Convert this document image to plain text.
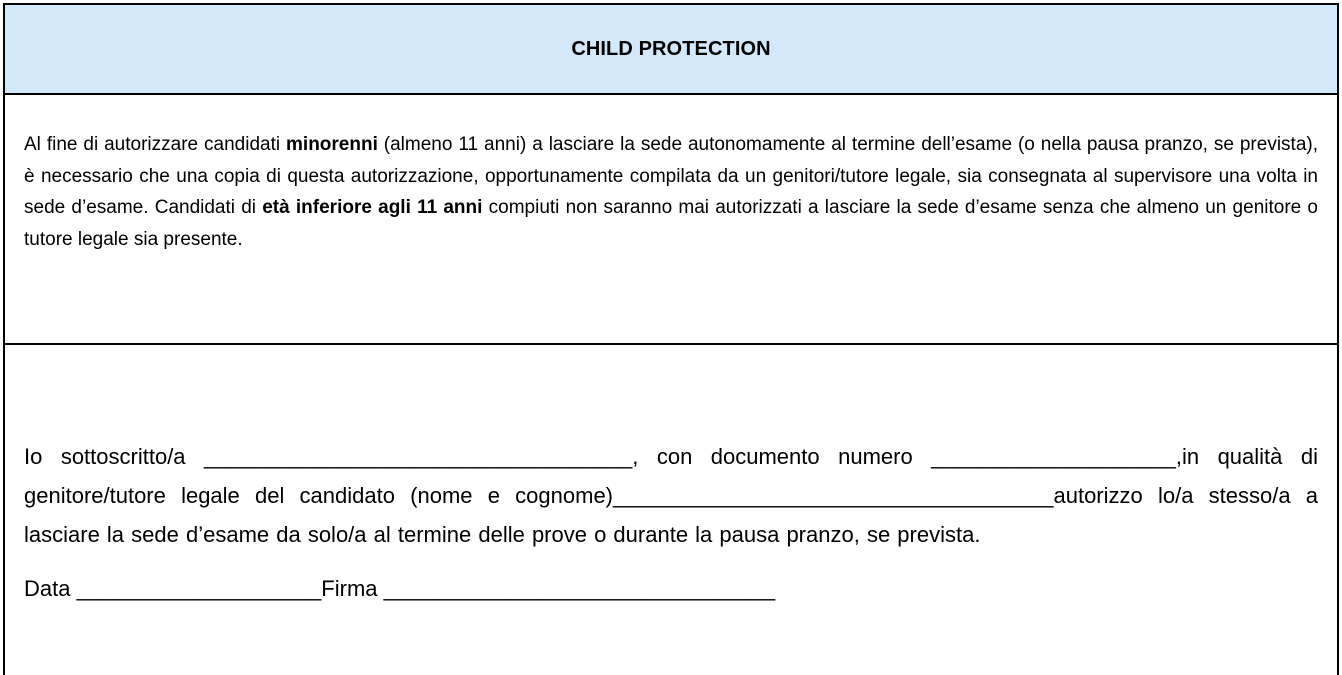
CHILD PROTECTION

Al fine di autorizzare candidati minorenni (almeno 11 anni) a lasciare la sede autonomamente al termine dell’esame (o nella pausa pranzo, se prevista), è necessario che una copia di questa autorizzazione, opportunamente compilata da un genitori/tutore legale, sia consegnata al supervisore una volta in sede d’esame. Candidati di età inferiore agli 11 anni compiuti non saranno mai autorizzati a lasciare la sede d’esame senza che almeno un genitore o tutore legale sia presente.

Io sottoscritto/a ___________________________________, con documento numero ____________________,in qualità di genitore/tutore legale del candidato (nome e cognome)____________________________________autorizzo lo/a stesso/a a lasciare la sede d’esame da solo/a al termine delle prove o durante la pausa pranzo, se prevista.

Data ____________________Firma ________________________________
